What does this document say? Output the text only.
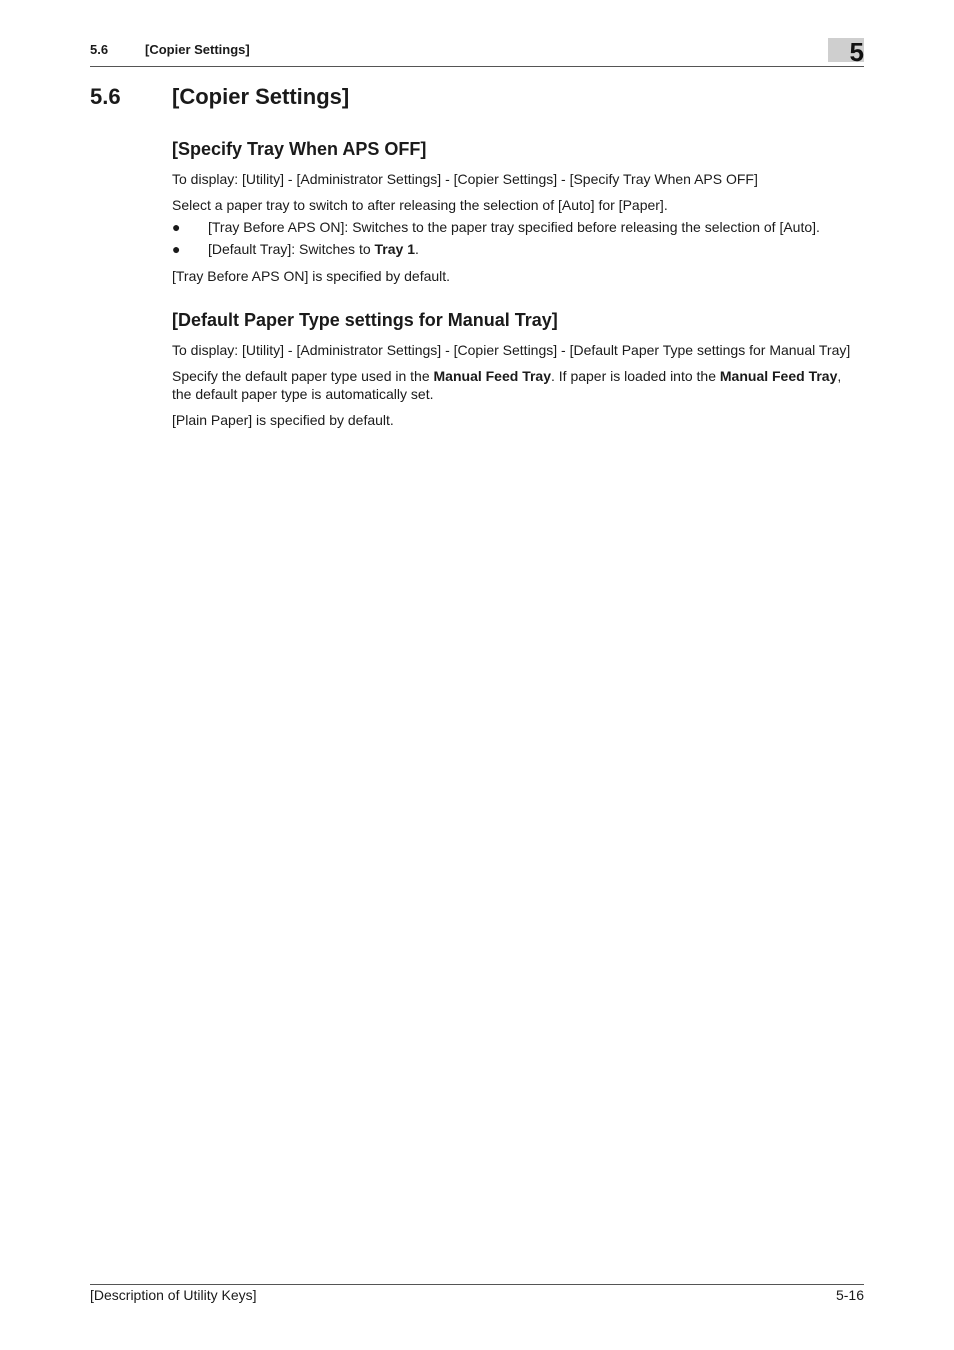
5.6	[Copier Settings]	5
5.6 [Copier Settings]
[Specify Tray When APS OFF]

To display: [Utility] - [Administrator Settings] - [Copier Settings] - [Specify Tray When APS OFF]

Select a paper tray to switch to after releasing the selection of [Auto] for [Paper].

● [Tray Before APS ON]: Switches to the paper tray specified before releasing the selection of [Auto].
● [Default Tray]: Switches to Tray 1.

[Tray Before APS ON] is specified by default.

[Default Paper Type settings for Manual Tray]

To display: [Utility] - [Administrator Settings] - [Copier Settings] - [Default Paper Type settings for Manual Tray]

Specify the default paper type used in the Manual Feed Tray. If paper is loaded into the Manual Feed Tray, the default paper type is automatically set.

[Plain Paper] is specified by default.

[Description of Utility Keys]	5-16
